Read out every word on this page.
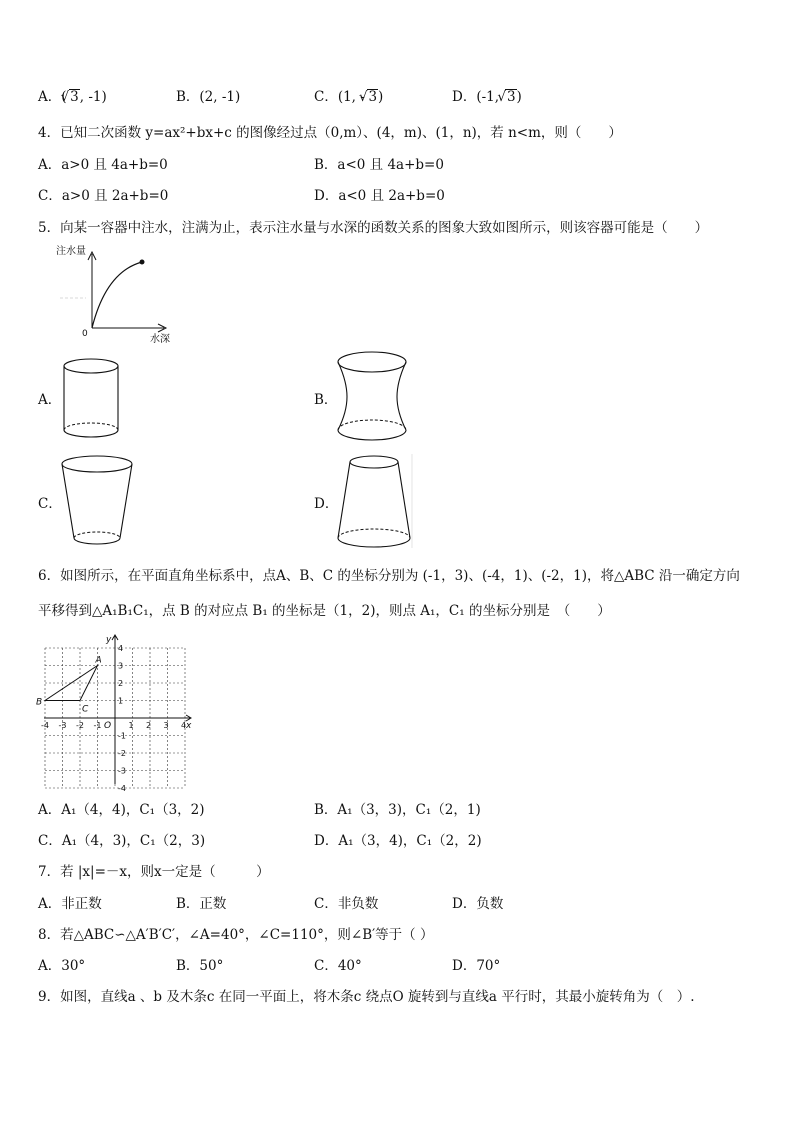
A．( √ 3, -1)	B．(2, -1)	C．(1, - √ 3)	D．(-1, √ 3)
4．已知二次函数 y=ax²+bx+c 的图像经过点（0,m）、(4，m)、(1，n)，若 n<m，则（　　）
A．a>0 且 4a+b=0	B．a<0 且 4a+b=0
C．a>0 且 2a+b=0	D．a<0 且 2a+b=0
5．向某一容器中注水，注满为止，表示注水量与水深的函数关系的图象大致如图所示，则该容器可能是（　　）
注水量
水深
0
A．	B．
C．	D．
6．如图所示，在平面直角坐标系中，点A、B、C 的坐标分别为 (-1，3)、(-4，1)、(-2，1)，将△ABC 沿一确定方向
平移得到△A₁B₁C₁，点 B 的对应点 B₁ 的坐标是（1，2)，则点 A₁，C₁ 的坐标分别是　（　　）
-4 -3 -2 -1	1 2 3 4
4
3
2
1
-1
-2
-3
-4
A
B
C
O	x
y
A．A₁（4，4)，C₁（3，2)	B．A₁（3，3)，C₁（2，1)
C．A₁（4，3)，C₁（2，3)	D．A₁（3，4)，C₁（2，2)
7．若 |x|=－x，则x一定是（　　　）
A．非正数	B．正数	C．非负数	D．负数
8．若△ABC∽△A′B′C′，∠A=40°，∠C=110°，则∠B′等于（ ）
A．30°	B．50°	C．40°	D．70°
9．如图，直线a 、b 及木条c 在同一平面上，将木条c 绕点O 旋转到与直线a 平行时，其最小旋转角为（　）.
